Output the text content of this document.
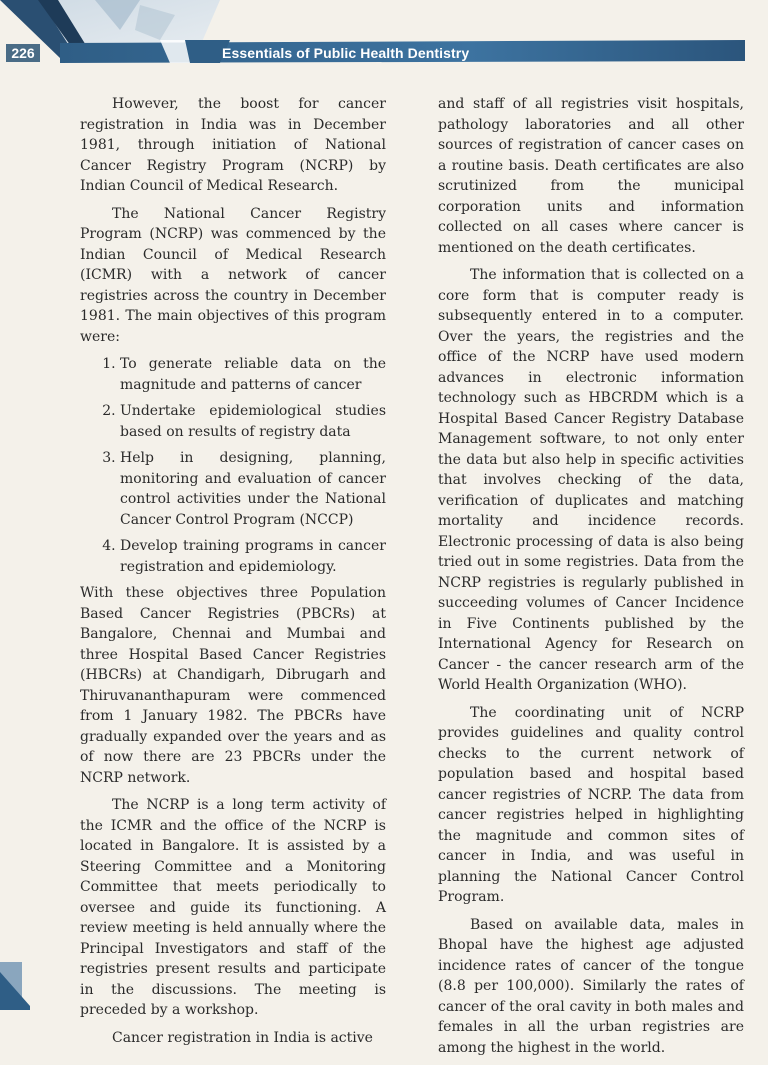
226	Essentials of Public Health Dentistry

However, the boost for cancer registration in India was in December 1981, through initiation of National Cancer Registry Program (NCRP) by Indian Council of Medical Research.

The National Cancer Registry Program (NCRP) was commenced by the Indian Council of Medical Research (ICMR) with a network of cancer registries across the country in December 1981. The main objectives of this program were:

1. To generate reliable data on the magnitude and patterns of cancer
2. Undertake epidemiological studies based on results of registry data
3. Help in designing, planning, monitoring and evaluation of cancer control activities under the National Cancer Control Program (NCCP)
4. Develop training programs in cancer registration and epidemiology.

With these objectives three Population Based Cancer Registries (PBCRs) at Bangalore, Chennai and Mumbai and three Hospital Based Cancer Registries (HBCRs) at Chandigarh, Dibrugarh and Thiruvananthapuram were commenced from 1 January 1982. The PBCRs have gradually expanded over the years and as of now there are 23 PBCRs under the NCRP network.

The NCRP is a long term activity of the ICMR and the office of the NCRP is located in Bangalore. It is assisted by a Steering Committee and a Monitoring Committee that meets periodically to oversee and guide its functioning. A review meeting is held annually where the Principal Investigators and staff of the registries present results and participate in the discussions. The meeting is preceded by a workshop.

Cancer registration in India is active

and staff of all registries visit hospitals, pathology laboratories and all other sources of registration of cancer cases on a routine basis. Death certificates are also scrutinized from the municipal corporation units and information collected on all cases where cancer is mentioned on the death certificates.

The information that is collected on a core form that is computer ready is subsequently entered in to a computer. Over the years, the registries and the office of the NCRP have used modern advances in electronic information technology such as HBCRDM which is a Hospital Based Cancer Registry Database Management software, to not only enter the data but also help in specific activities that involves checking of the data, verification of duplicates and matching mortality and incidence records. Electronic processing of data is also being tried out in some registries. Data from the NCRP registries is regularly published in succeeding volumes of Cancer Incidence in Five Continents published by the International Agency for Research on Cancer - the cancer research arm of the World Health Organization (WHO).

The coordinating unit of NCRP provides guidelines and quality control checks to the current network of population based and hospital based cancer registries of NCRP. The data from cancer registries helped in highlighting the magnitude and common sites of cancer in India, and was useful in planning the National Cancer Control Program.

Based on available data, males in Bhopal have the highest age adjusted incidence rates of cancer of the tongue (8.8 per 100,000). Similarly the rates of cancer of the oral cavity in both males and females in all the urban registries are among the highest in the world.
